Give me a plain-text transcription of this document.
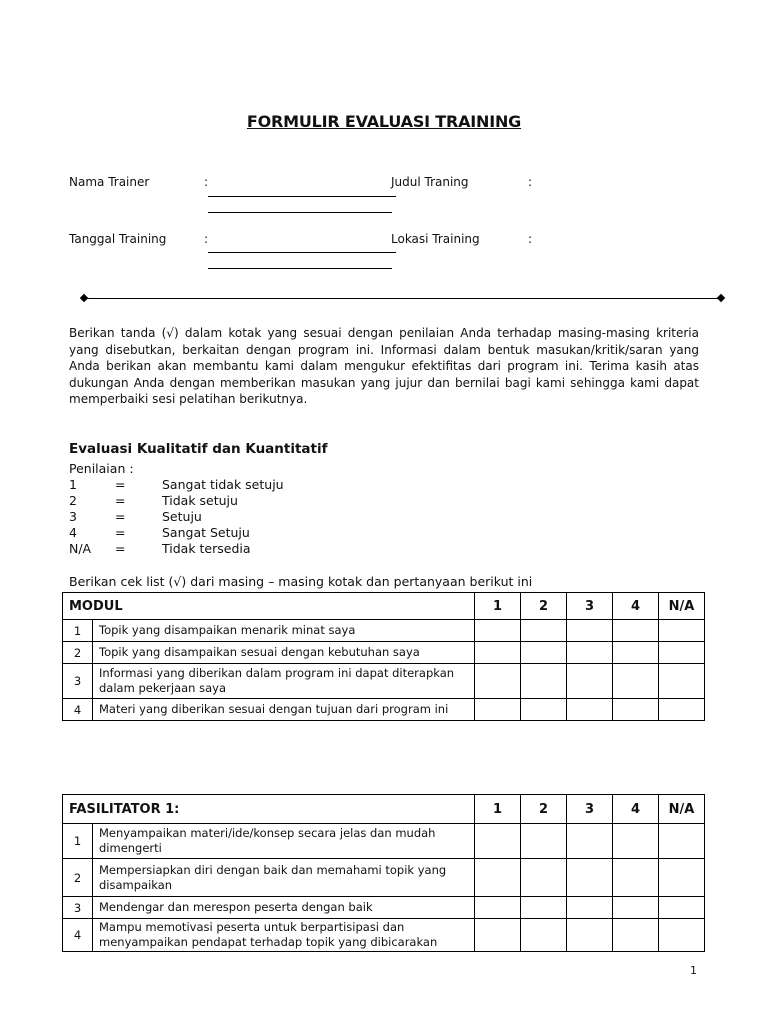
FORMULIR EVALUASI TRAINING
Nama Trainer	:	Judul Traning	:
Tanggal Training	:	Lokasi Training	:

Berikan tanda (√) dalam kotak yang sesuai dengan penilaian Anda terhadap masing-masing kriteria yang disebutkan, berkaitan dengan program ini. Informasi dalam bentuk masukan/kritik/saran yang Anda berikan akan membantu kami dalam mengukur efektifitas dari program ini. Terima kasih atas dukungan Anda dengan memberikan masukan yang jujur dan bernilai bagi kami sehingga kami dapat memperbaiki sesi pelatihan berikutnya.

Evaluasi Kualitatif dan Kuantitatif
Penilaian :
1	=	Sangat tidak setuju
2	=	Tidak setuju
3	=	Setuju
4	=	Sangat Setuju
N/A	=	Tidak tersedia
Berikan cek list (√) dari masing – masing kotak dan pertanyaan berikut ini
MODUL		1	2	3	4	N/A
1	Topik yang disampaikan menarik minat saya					
2	Topik yang disampaikan sesuai dengan kebutuhan saya					
3	Informasi yang diberikan dalam program ini dapat diterapkan dalam pekerjaan saya					
4	Materi yang diberikan sesuai dengan tujuan dari program ini					
FASILITATOR 1:		1	2	3	4	N/A
1	Menyampaikan materi/ide/konsep secara jelas dan mudah dimengerti					
2	Mempersiapkan diri dengan baik dan memahami topik yang disampaikan					
3	Mendengar dan merespon peserta dengan baik					
4	Mampu memotivasi peserta untuk berpartisipasi dan menyampaikan pendapat terhadap topik yang dibicarakan					
1
